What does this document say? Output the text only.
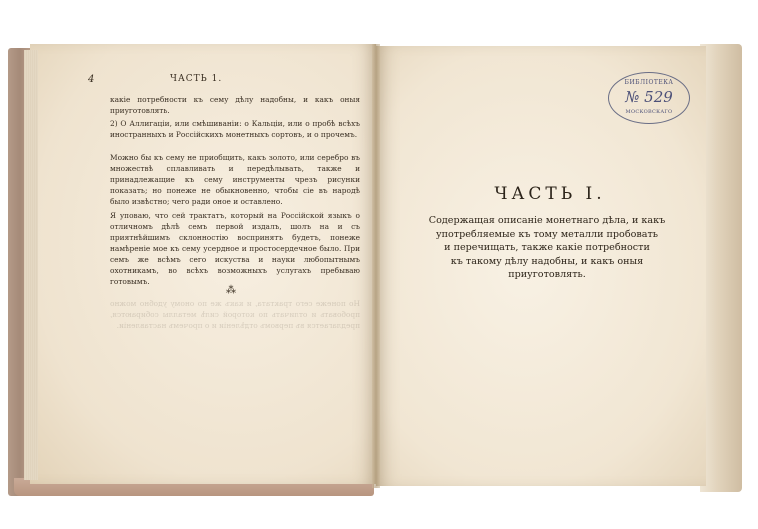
4	ЧАСТЬ 1.
какiе потребности къ сему дѣлу надобны, и какъ оныя приуготовлять.
2) О Аллигацiи, или смѣшиванiи: о Кальцiи, или о пробѣ всѣхъ иностранныхъ и Россiйскихъ монетныхъ сортовъ, и о прочемъ.
Можно бы къ сему не приобщить, какъ золото, или серебро въ множествѣ сплавливать и передѣлывать, также и принадлежащие къ сему инструменты чрезъ рисунки показать; но понеже не обыкновенно, чтобы сiе въ народѣ было извѣстно; чего ради оное и оставлено.
Я уповаю, что сей трактатъ, который на Россiйской языкъ о отличномъ дѣлѣ семъ первой издалъ, шолъ на и съ приятнѣйшимъ склонностiю воспринятъ будетъ, понеже намѣренiе мое къ сему усердное и простосердечное было. При семъ же всѣмъ сего искуства и науки любопытнымъ охотникамъ, во всѣхъ возможныхъ услугахъ пребываю готовымъ.
⁂
Но понеже сего трактата, и какъ же по оному удобно можно пробовать и отличать по которой силѣ металлы собираются, предлагается въ первомъ отдѣленiи и о прочемъ наставленiи.
БИБЛIОТЕКА
№ 529
МОСКОВСКАГО
ЧАСТЬ I.
Содержащая описанiе монетнаго дѣла, и какъ
употребляемые къ тому металли пробовать
и перечищать, также какiе потребности
къ такому дѣлу надобны, и какъ оныя
приуготовлять.
